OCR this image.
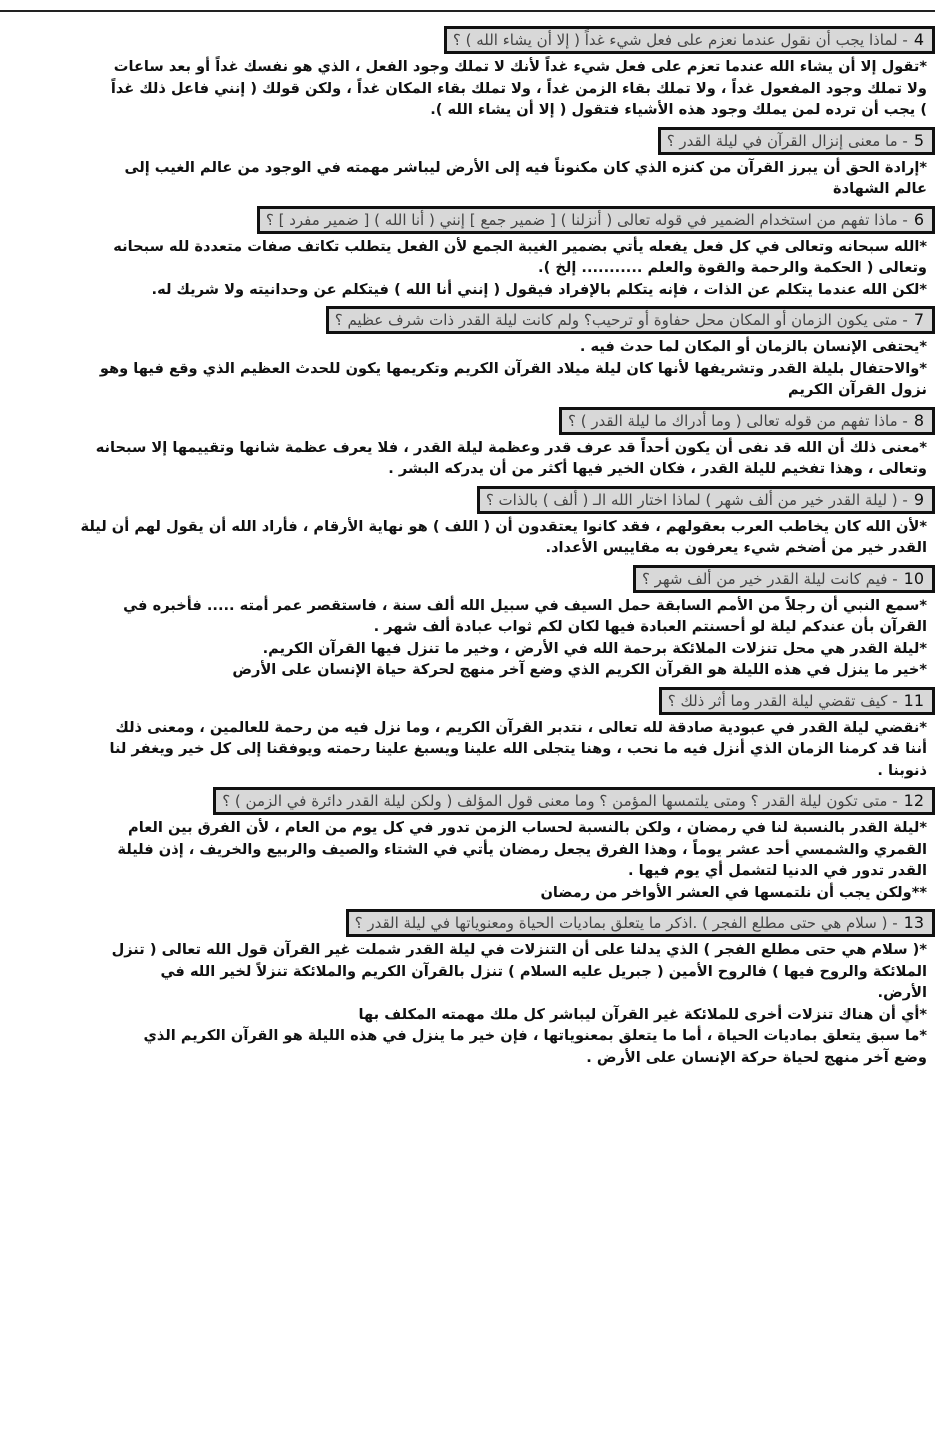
4
- لماذا يجب أن نقول عندما نعزم على فعل شيء غداً ( إلا أن يشاء الله ) ؟

*تقول إلا أن يشاء الله عندما تعزم على فعل شيء غداً لأنك لا تملك وجود الفعل ، الذي هو نفسك غداً أو بعد ساعات

ولا تملك وجود المفعول غداً ، ولا تملك بقاء الزمن غداً ، ولا تملك بقاء المكان غداً ، ولكن قولك ( إنني فاعل ذلك غداً

) يجب أن ترده لمن يملك وجود هذه الأشياء فتقول ( إلا أن يشاء الله ).

5
- ما معنى إنزال القرآن في ليلة القدر ؟

*إرادة الحق أن يبرز القرآن من كنزه الذي كان مكنوناً فيه إلى الأرض ليباشر مهمته في الوجود من عالم الغيب إلى

عالم الشهادة

6
- ماذا تفهم من استخدام الضمير في قوله تعالى ( أنزلنا ) [ ضمير جمع ] إنني ( أنا الله ) [ ضمير مفرد ] ؟

*الله سبحانه وتعالى في كل فعل يفعله يأتي بضمير الغيبة الجمع لأن الفعل يتطلب تكاتف صفات متعددة لله سبحانه

وتعالى ( الحكمة والرحمة والقوة والعلم ........... إلخ ).

*لكن الله عندما يتكلم عن الذات ، فإنه يتكلم بالإفراد فيقول ( إنني أنا الله ) فيتكلم عن وحدانيته ولا شريك له.

7
- متى يكون الزمان أو المكان محل حفاوة أو ترحيب؟ ولم كانت ليلة القدر ذات شرف عظيم ؟

*يحتفى الإنسان بالزمان أو المكان لما حدث فيه .

*والاحتفال بليلة القدر وتشريفها لأنها كان ليلة ميلاد القرآن الكريم وتكريمها يكون للحدث العظيم الذي وقع فيها وهو

نزول القرآن الكريم

8
- ماذا تفهم من قوله تعالى ( وما أدراك ما ليلة القدر ) ؟

*معنى ذلك أن الله قد نفى أن يكون أحداً قد عرف قدر وعظمة ليلة القدر ، فلا يعرف عظمة شانها وتقييمها إلا سبحانه

وتعالى ، وهذا تفخيم لليلة القدر ، فكان الخير فيها أكثر من أن يدركه البشر .

9
- ( ليلة القدر خير من ألف شهر ) لماذا اختار الله الـ ( ألف ) بالذات ؟

*لأن الله كان يخاطب العرب بعقولهم ، فقد كانوا يعتقدون أن ( اللف ) هو نهاية الأرقام ، فأراد الله أن يقول لهم أن ليلة

القدر خير من أضخم شيء يعرفون به مقاييس الأعداد.

10
- فيم كانت ليلة القدر خير من ألف شهر ؟

*سمع النبي أن رجلاً من الأمم السابقة حمل السيف في سبيل الله ألف سنة ، فاستقصر عمر أمته ..... فأخبره في

القرآن بأن عندكم ليلة لو أحسنتم العبادة فيها لكان لكم ثواب عبادة ألف شهر .

*ليلة القدر هي محل تنزلات الملائكة برحمة الله في الأرض ، وخير ما تنزل فيها القرآن الكريم.

*خير ما ينزل في هذه الليلة هو القرآن الكريم الذي وضع آخر منهج لحركة حياة الإنسان على الأرض

11
- كيف تقضي ليلة القدر وما أثر ذلك ؟

*نقضي ليلة القدر في عبودية صادقة لله تعالى ، نتدبر القرآن الكريم ، وما نزل فيه من رحمة للعالمين ، ومعنى ذلك

أننا قد كرمنا الزمان الذي أنزل فيه ما نحب ، وهنا يتجلى الله علينا ويسبغ علينا رحمته ويوفقنا إلى كل خير ويغفر لنا

ذنوبنا .

12
- متى تكون ليلة القدر ؟ ومتى يلتمسها المؤمن ؟ وما معنى قول المؤلف ( ولكن ليلة القدر دائرة في الزمن ) ؟

*ليلة القدر بالنسبة لنا في رمضان ، ولكن بالنسبة لحساب الزمن تدور في كل يوم من العام ، لأن الفرق بين العام

القمري والشمسي أحد عشر يوماً ، وهذا الفرق يجعل رمضان يأتي في الشتاء والصيف والربيع والخريف ، إذن فليلة

القدر تدور في الدنيا لتشمل أي يوم فيها .

**ولكن يجب أن نلتمسها في العشر الأواخر من رمضان

13
- ( سلام هي حتى مطلع الفجر ) .اذكر ما يتعلق بماديات الحياة ومعنوياتها في ليلة القدر ؟

*( سلام هي حتى مطلع الفجر ) الذي يدلنا على أن التنزلات في ليلة القدر شملت غير القرآن قول الله تعالى ( تنزل

الملائكة والروح فيها ) فالروح الأمين ( جبريل عليه السلام ) تنزل بالقرآن الكريم والملائكة تنزلاً لخير الله في

الأرض.

*أي أن هناك تنزلات أخرى للملائكة غير القرآن ليباشر كل ملك مهمته المكلف بها

*ما سبق يتعلق بماديات الحياة ، أما ما يتعلق بمعنوياتها ، فإن خير ما ينزل في هذه الليلة هو القرآن الكريم الذي

وضع آخر منهج لحياة حركة الإنسان على الأرض .
